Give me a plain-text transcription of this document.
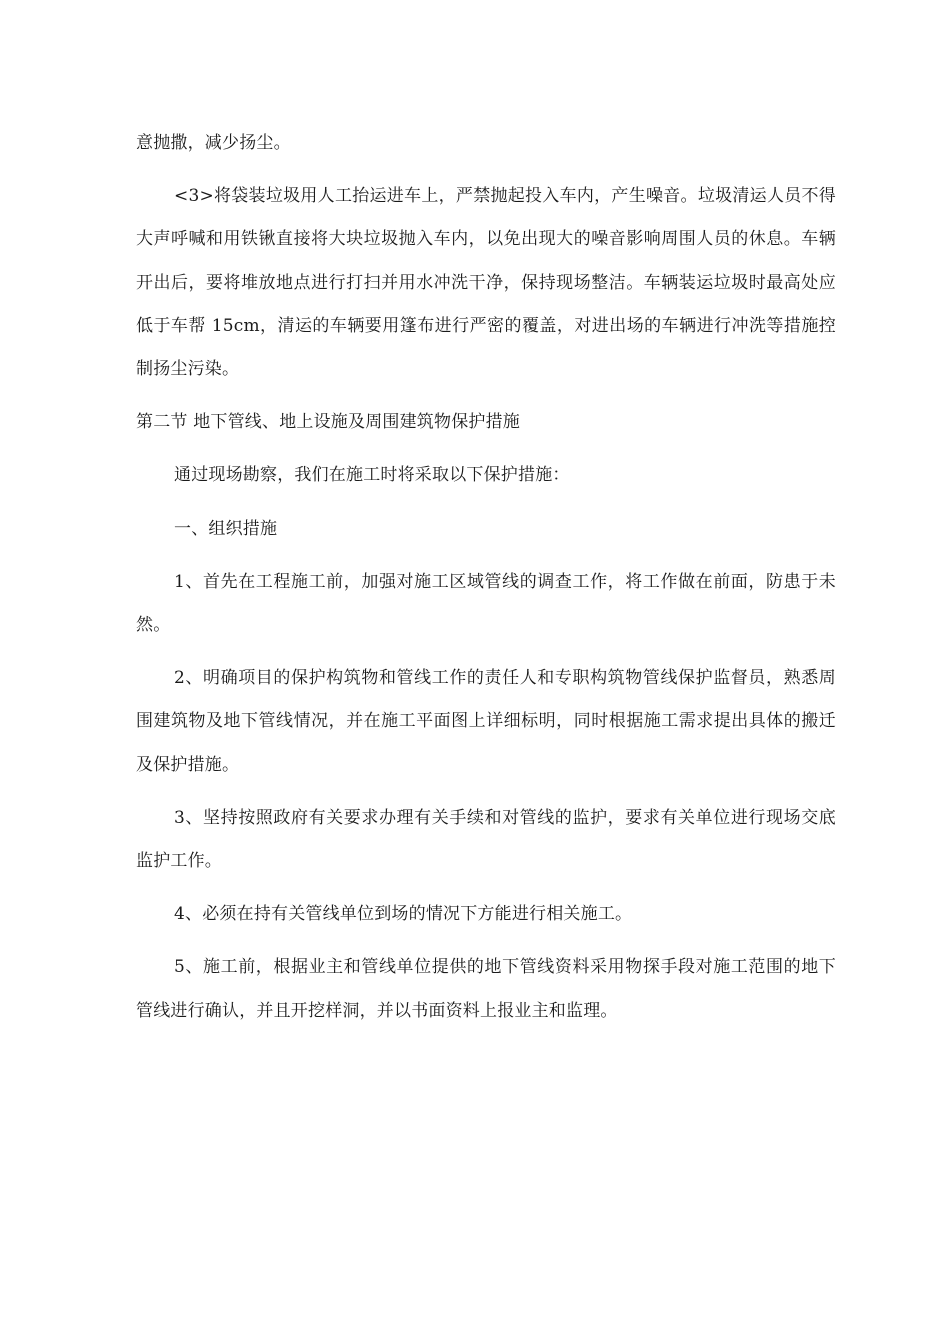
意抛撒，减少扬尘。

<3>将袋装垃圾用人工抬运进车上，严禁抛起投入车内，产生噪音。垃圾清运人员不得大声呼喊和用铁锹直接将大块垃圾抛入车内，以免出现大的噪音影响周围人员的休息。车辆开出后，要将堆放地点进行打扫并用水冲洗干净，保持现场整洁。车辆装运垃圾时最高处应低于车帮 15cm，清运的车辆要用篷布进行严密的覆盖，对进出场的车辆进行冲洗等措施控制扬尘污染。

第二节 地下管线、地上设施及周围建筑物保护措施

通过现场勘察，我们在施工时将采取以下保护措施：

一、组织措施

1、首先在工程施工前，加强对施工区域管线的调查工作，将工作做在前面，防患于未然。

2、明确项目的保护构筑物和管线工作的责任人和专职构筑物管线保护监督员，熟悉周围建筑物及地下管线情况，并在施工平面图上详细标明，同时根据施工需求提出具体的搬迁及保护措施。

3、坚持按照政府有关要求办理有关手续和对管线的监护，要求有关单位进行现场交底监护工作。

4、必须在持有关管线单位到场的情况下方能进行相关施工。

5、施工前，根据业主和管线单位提供的地下管线资料采用物探手段对施工范围的地下管线进行确认，并且开挖样洞，并以书面资料上报业主和监理。
